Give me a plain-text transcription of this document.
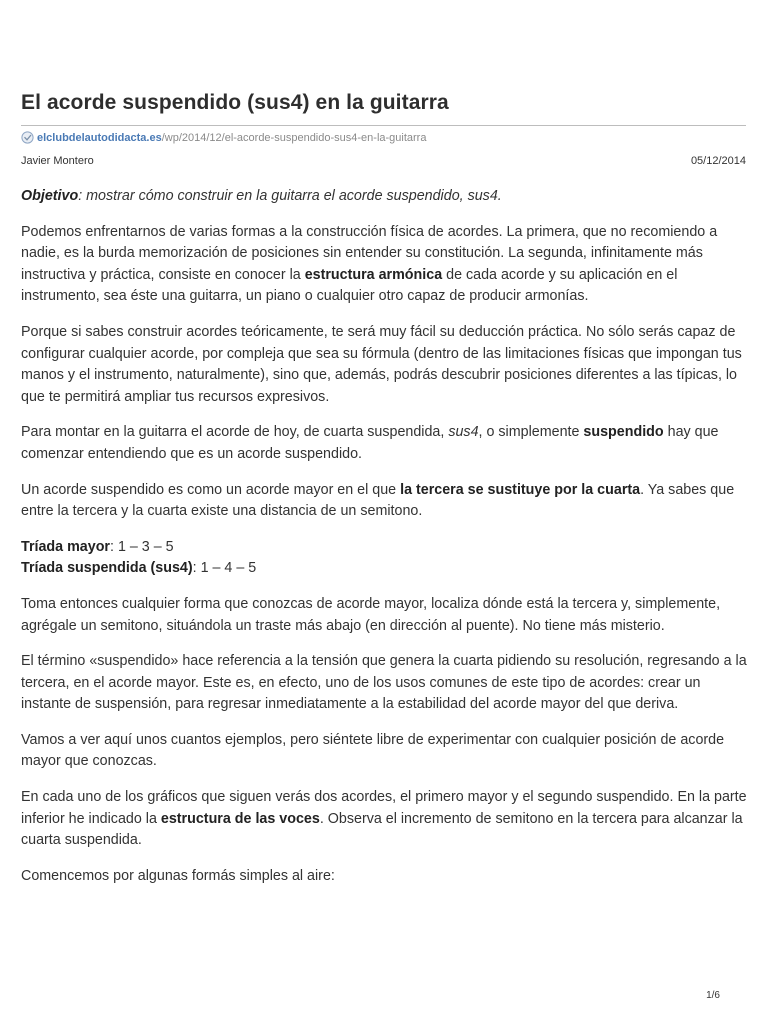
El acorde suspendido (sus4) en la guitarra
elclubdelautodidacta.es /wp/2014/12/el-acorde-suspendido-sus4-en-la-guitarra
Javier Montero	05/12/2014

Objetivo: mostrar cómo construir en la guitarra el acorde suspendido, sus4.

Podemos enfrentarnos de varias formas a la construcción física de acordes. La primera, que no recomiendo a nadie, es la burda memorización de posiciones sin entender su constitución. La segunda, infinitamente más instructiva y práctica, consiste en conocer la estructura armónica de cada acorde y su aplicación en el instrumento, sea éste una guitarra, un piano o cualquier otro capaz de producir armonías.

Porque si sabes construir acordes teóricamente, te será muy fácil su deducción práctica. No sólo serás capaz de configurar cualquier acorde, por compleja que sea su fórmula (dentro de las limitaciones físicas que impongan tus manos y el instrumento, naturalmente), sino que, además, podrás descubrir posiciones diferentes a las típicas, lo que te permitirá ampliar tus recursos expresivos.

Para montar en la guitarra el acorde de hoy, de cuarta suspendida, sus4, o simplemente suspendido hay que comenzar entendiendo que es un acorde suspendido.

Un acorde suspendido es como un acorde mayor en el que la tercera se sustituye por la cuarta. Ya sabes que entre la tercera y la cuarta existe una distancia de un semitono.

Tríada mayor: 1 – 3 – 5
Tríada suspendida (sus4): 1 – 4 – 5

Toma entonces cualquier forma que conozcas de acorde mayor, localiza dónde está la tercera y, simplemente, agrégale un semitono, situándola un traste más abajo (en dirección al puente). No tiene más misterio.

El término «suspendido» hace referencia a la tensión que genera la cuarta pidiendo su resolución, regresando a la tercera, en el acorde mayor. Este es, en efecto, uno de los usos comunes de este tipo de acordes: crear un instante de suspensión, para regresar inmediatamente a la estabilidad del acorde mayor del que deriva.

Vamos a ver aquí unos cuantos ejemplos, pero siéntete libre de experimentar con cualquier posición de acorde mayor que conozcas.

En cada uno de los gráficos que siguen verás dos acordes, el primero mayor y el segundo suspendido. En la parte inferior he indicado la estructura de las voces. Observa el incremento de semitono en la tercera para alcanzar la cuarta suspendida.

Comencemos por algunas formás simples al aire:

1/6
